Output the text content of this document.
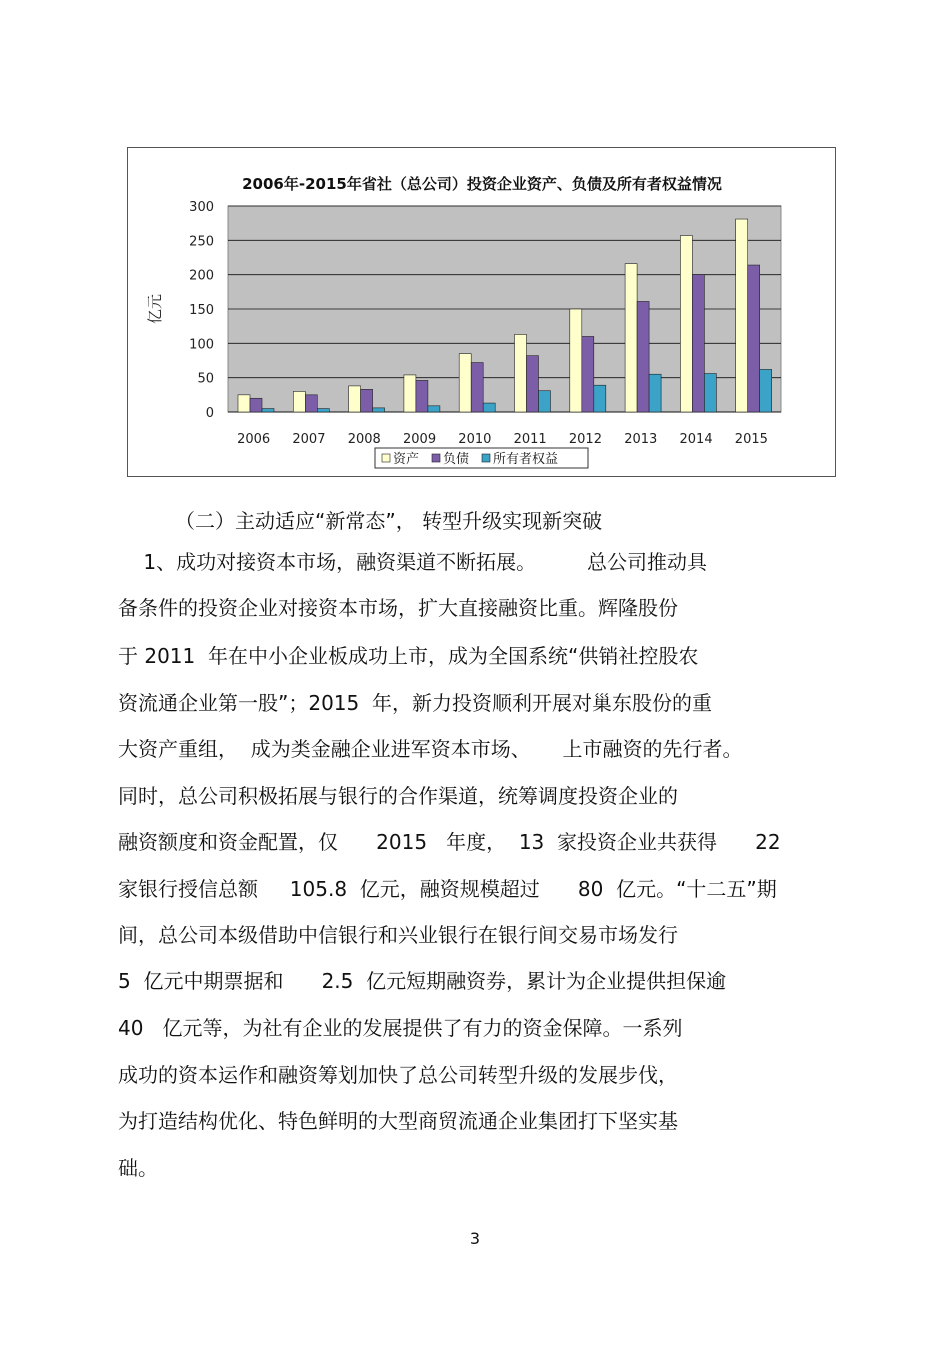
2006年-2015年省社（总公司）投资企业资产、负债及所有者权益情况
0
50
100
150
200
250
300
亿元
2006 2007 2008 2009 2010 2011 2012 2013 2014 2015
资产 负债 所有者权益
（二）主动适应“新常态”， 转型升级实现新突破
1、成功对接资本市场，融资渠道不断拓展。        总公司推动具
备条件的投资企业对接资本市场，扩大直接融资比重。辉隆股份
于 2011  年在中小企业板成功上市，成为全国系统“供销社控股农
资流通企业第一股”；2015  年，新力投资顺利开展对巢东股份的重
大资产重组，  成为类金融企业进军资本市场、     上市融资的先行者。
同时，总公司积极拓展与银行的合作渠道，统筹调度投资企业的
融资额度和资金配置，仅      2015   年度，  13  家投资企业共获得      22
家银行授信总额     105.8  亿元，融资规模超过      80  亿元。“十二五”期
间，总公司本级借助中信银行和兴业银行在银行间交易市场发行
5  亿元中期票据和      2.5  亿元短期融资券，累计为企业提供担保逾
40   亿元等，为社有企业的发展提供了有力的资金保障。一系列
成功的资本运作和融资筹划加快了总公司转型升级的发展步伐，
为打造结构优化、特色鲜明的大型商贸流通企业集团打下坚实基
础。
3
